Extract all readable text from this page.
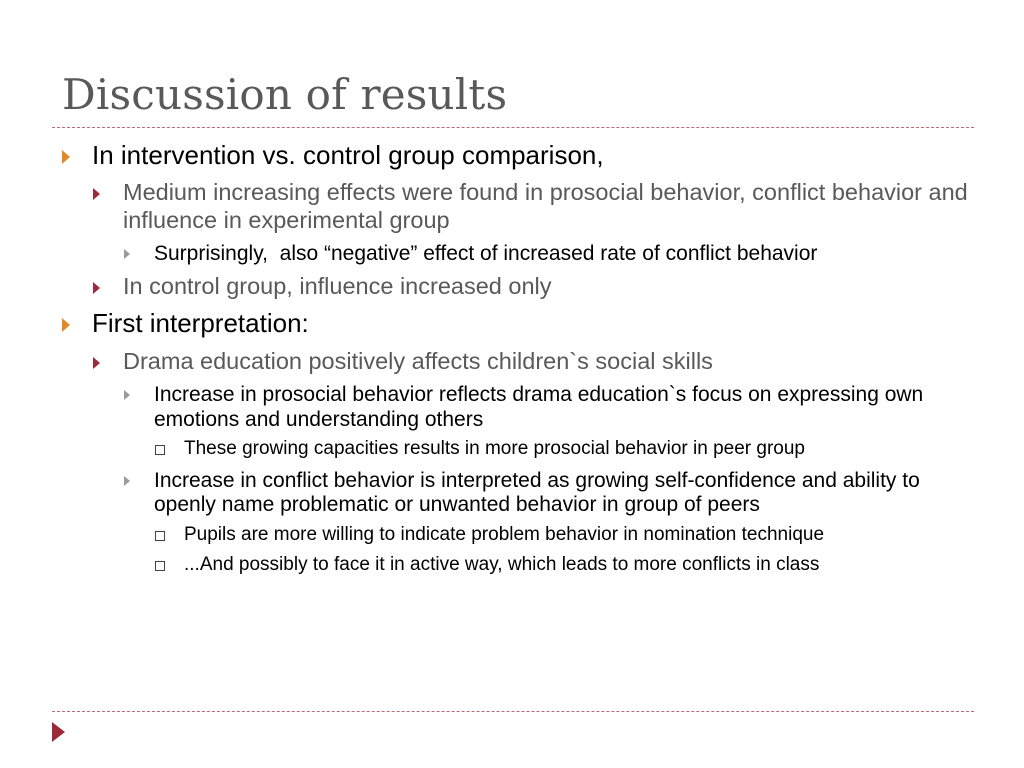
Discussion of results
In intervention vs. control group comparison,
Medium increasing effects were found in prosocial behavior, conflict behavior and influence in experimental group
Surprisingly,  also “negative” effect of increased rate of conflict behavior
In control group, influence increased only
First interpretation:
Drama education positively affects children`s social skills
Increase in prosocial behavior reflects drama education`s focus on expressing own emotions and understanding others
These growing capacities results in more prosocial behavior in peer group
Increase in conflict behavior is interpreted as growing self-confidence and ability to openly name problematic or unwanted behavior in group of peers
Pupils are more willing to indicate problem behavior in nomination technique
...And possibly to face it in active way, which leads to more conflicts in class
